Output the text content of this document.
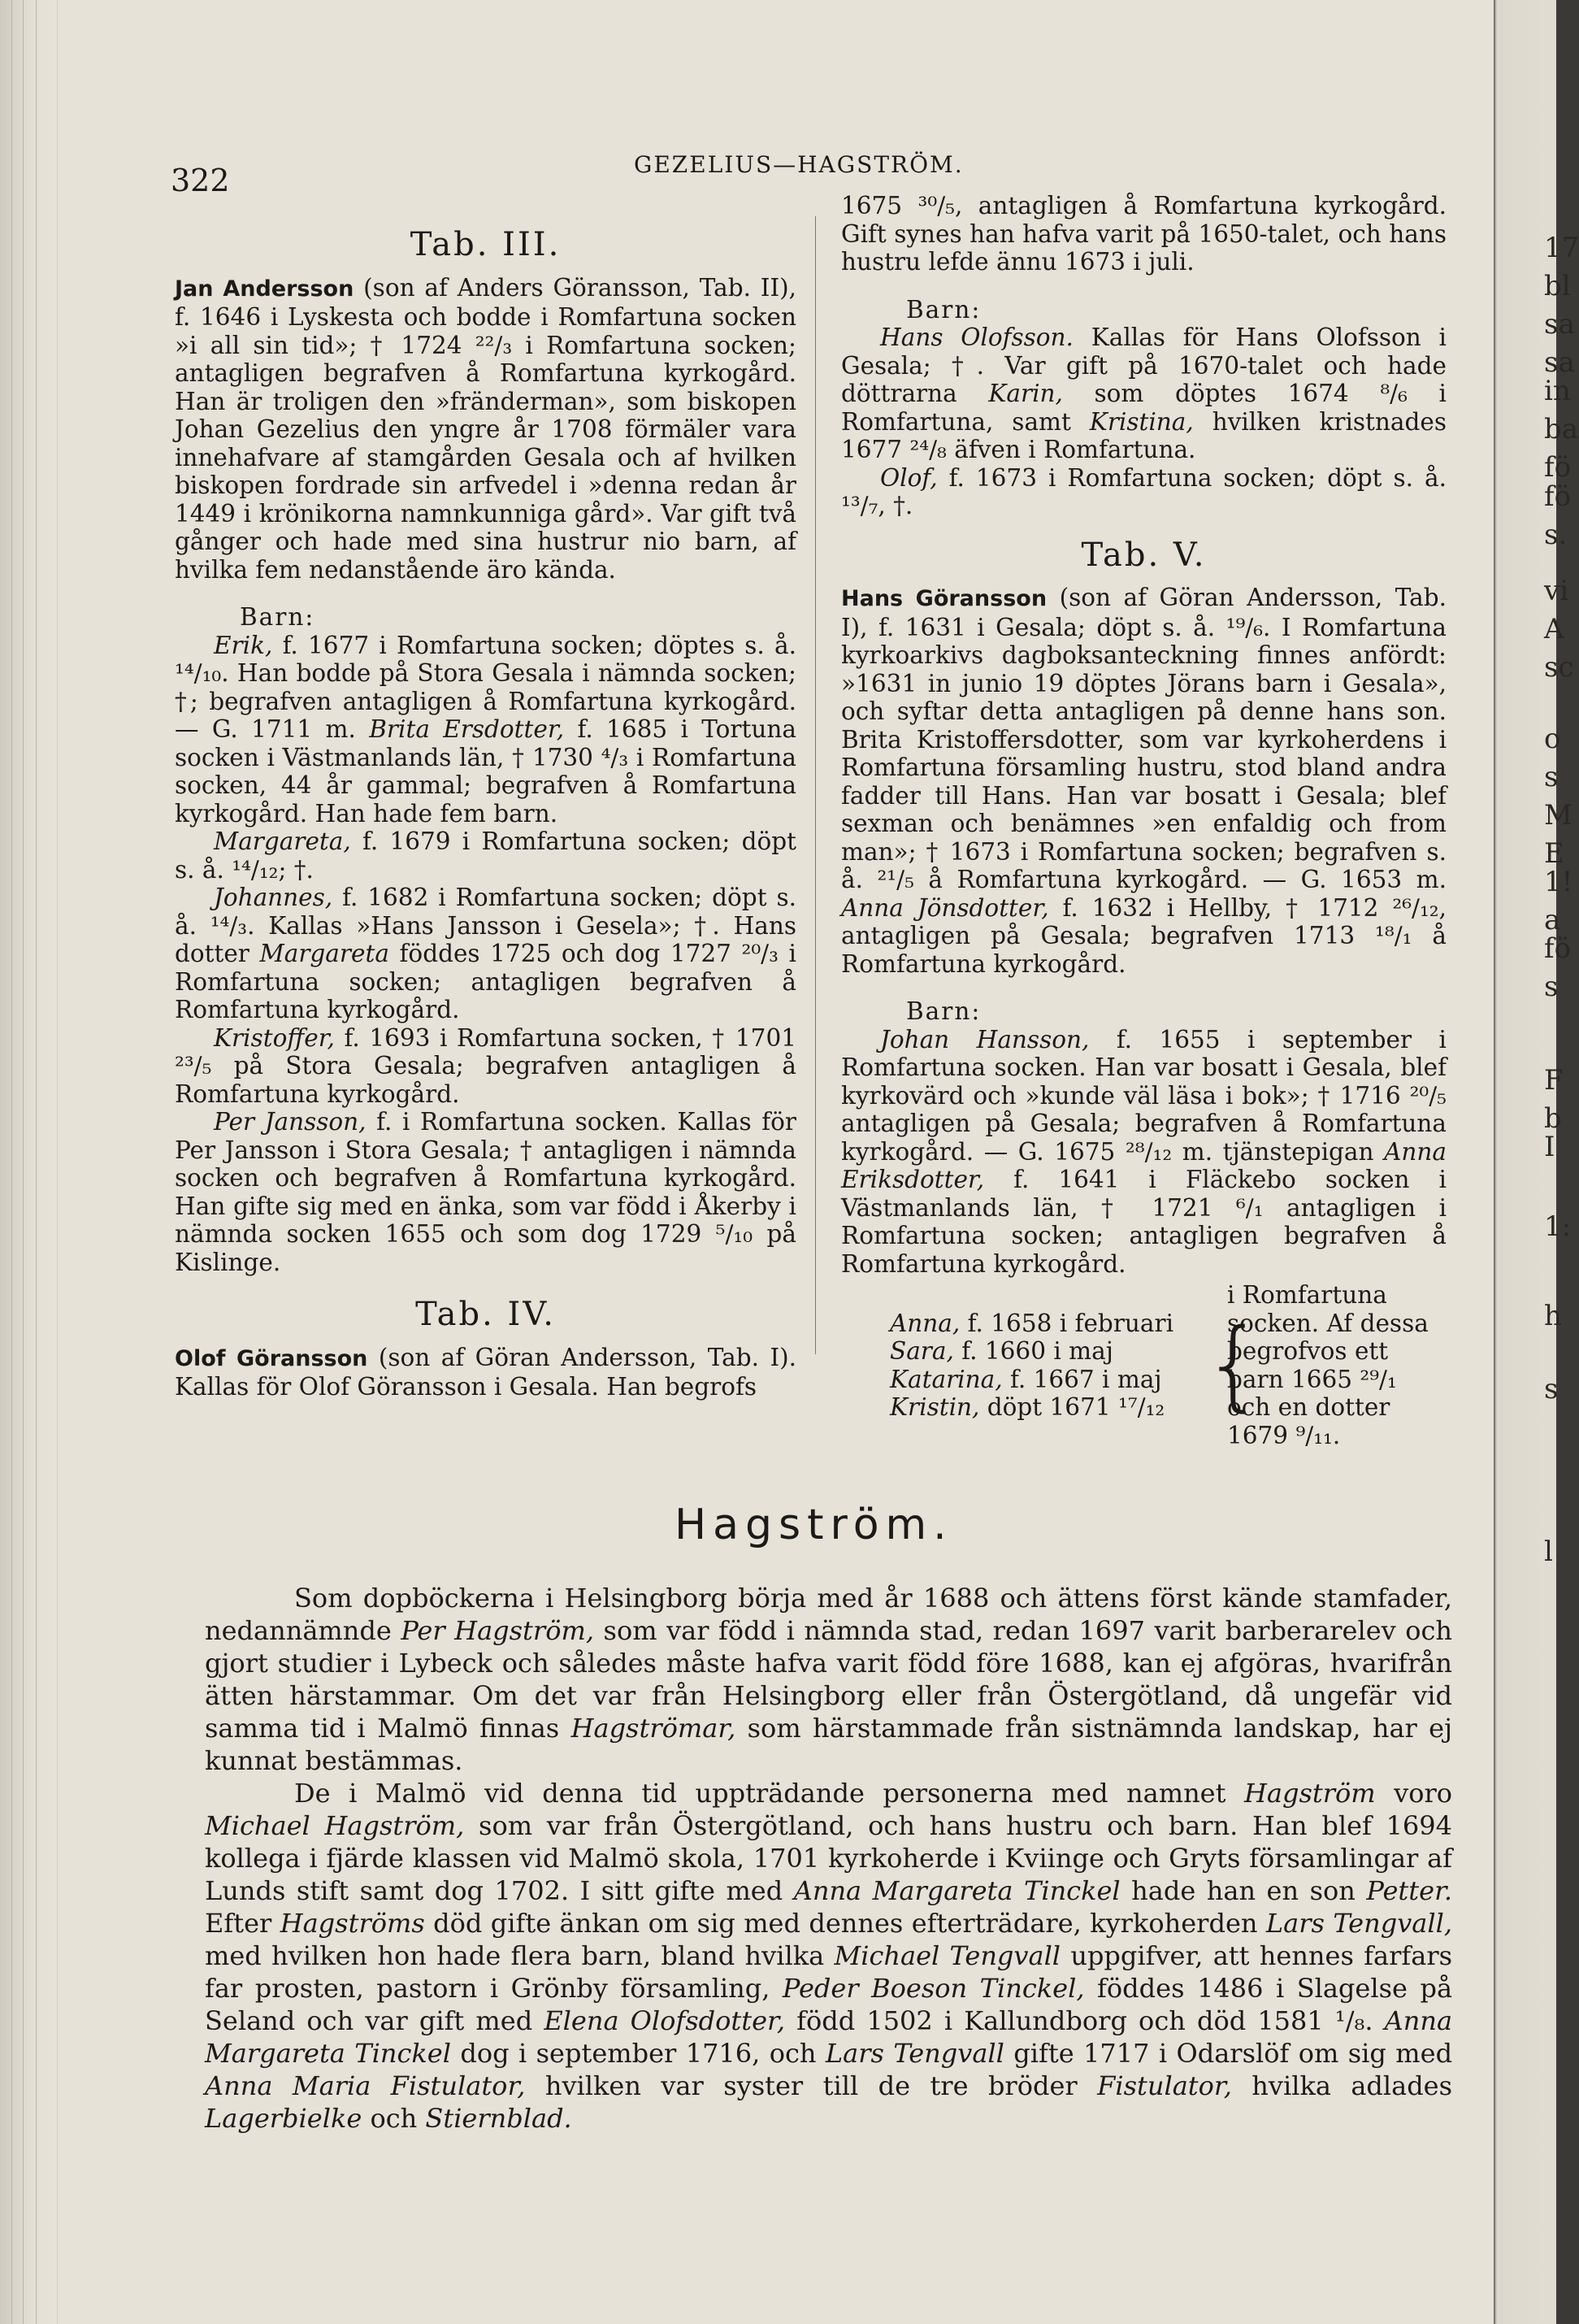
322	GEZELIUS—HAGSTRÖM.
Tab. III.

Jan Andersson (son af Anders Göransson, Tab. II), f. 1646 i Lyskesta och bodde i Romfartuna socken »i all sin tid»; † 1724 ²²/₃ i Romfartuna socken; antagligen begrafven å Romfartuna kyrkogård. Han är troligen den »fränderman», som biskopen Johan Gezelius den yngre år 1708 förmäler vara innehafvare af stamgården Gesala och af hvilken biskopen fordrade sin arfvedel i »denna redan år 1449 i krönikorna namnkunniga gård». Var gift två gånger och hade med sina hustrur nio barn, af hvilka fem nedanstående äro kända.

Barn:

Erik, f. 1677 i Romfartuna socken; döptes s. å. ¹⁴/₁₀. Han bodde på Stora Gesala i nämnda socken; †; begrafven antagligen å Romfartuna kyrkogård. — G. 1711 m. Brita Ersdotter, f. 1685 i Tortuna socken i Västmanlands län, † 1730 ⁴/₃ i Romfartuna socken, 44 år gammal; begrafven å Romfartuna kyrkogård. Han hade fem barn.

Margareta, f. 1679 i Romfartuna socken; döpt s. å. ¹⁴/₁₂; †.

Johannes, f. 1682 i Romfartuna socken; döpt s. å. ¹⁴/₃. Kallas »Hans Jansson i Gesela»; †. Hans dotter Margareta föddes 1725 och dog 1727 ²⁰/₃ i Romfartuna socken; antagligen begrafven å Romfartuna kyrkogård.

Kristoffer, f. 1693 i Romfartuna socken, † 1701 ²³/₅ på Stora Gesala; begrafven antagligen å Romfartuna kyrkogård.

Per Jansson, f. i Romfartuna socken. Kallas för Per Jansson i Stora Gesala; † antagligen i nämnda socken och begrafven å Romfartuna kyrkogård. Han gifte sig med en änka, som var född i Åkerby i nämnda socken 1655 och som dog 1729 ⁵/₁₀ på Kislinge.

Tab. IV.

Olof Göransson (son af Göran Andersson, Tab. I). Kallas för Olof Göransson i Gesala. Han begrofs

1675 ³⁰/₅, antagligen å Romfartuna kyrkogård. Gift synes han hafva varit på 1650-talet, och hans hustru lefde ännu 1673 i juli.

Barn:

Hans Olofsson. Kallas för Hans Olofsson i Gesala; †. Var gift på 1670-talet och hade döttrarna Karin, som döptes 1674 ⁸/₆ i Romfartuna, samt Kristina, hvilken kristnades 1677 ²⁴/₈ äfven i Romfartuna.

Olof, f. 1673 i Romfartuna socken; döpt s. å. ¹³/₇, †.

Tab. V.

Hans Göransson (son af Göran Andersson, Tab. I), f. 1631 i Gesala; döpt s. å. ¹⁹/₆. I Romfartuna kyrkoarkivs dagboksanteckning finnes anfördt: »1631 in junio 19 döptes Jörans barn i Gesala», och syftar detta antagligen på denne hans son. Brita Kristoffersdotter, som var kyrkoherdens i Romfartuna församling hustru, stod bland andra fadder till Hans. Han var bosatt i Gesala; blef sexman och benämnes »en enfaldig och from man»; † 1673 i Romfartuna socken; begrafven s. å. ²¹/₅ å Romfartuna kyrkogård. — G. 1653 m. Anna Jönsdotter, f. 1632 i Hellby, † 1712 ²⁶/₁₂, antagligen på Gesala; begrafven 1713 ¹⁸/₁ å Romfartuna kyrkogård.

Barn:

Johan Hansson, f. 1655 i september i Romfartuna socken. Han var bosatt i Gesala, blef kyrkovärd och »kunde väl läsa i bok»; † 1716 ²⁰/₅ antagligen på Gesala; begrafven å Romfartuna kyrkogård. — G. 1675 ²⁸/₁₂ m. tjänstepigan Anna Eriksdotter, f. 1641 i Fläckebo socken i Västmanlands län, † 1721 ⁶/₁ antagligen i Romfartuna socken; antagligen begrafven å Romfartuna kyrkogård.

Anna, f. 1658 i februari
Sara, f. 1660 i maj
Katarina, f. 1667 i maj
Kristin, döpt 1671 ¹⁷/₁₂ {
i Romfartuna socken. Af dessa begrofvos ett barn 1665 ²⁹/₁ och en dotter 1679 ⁹/₁₁.
Hagström.

Som dopböckerna i Helsingborg börja med år 1688 och ättens först kände stamfader, nedannämnde Per Hagström, som var född i nämnda stad, redan 1697 varit barberarelev och gjort studier i Lybeck och således måste hafva varit född före 1688, kan ej afgöras, hvarifrån ätten härstammar. Om det var från Helsingborg eller från Östergötland, då ungefär vid samma tid i Malmö finnas Hagströmar, som härstammade från sistnämnda landskap, har ej kunnat bestämmas.

De i Malmö vid denna tid uppträdande personerna med namnet Hagström voro Michael Hagström, som var från Östergötland, och hans hustru och barn. Han blef 1694 kollega i fjärde klassen vid Malmö skola, 1701 kyrkoherde i Kviinge och Gryts församlingar af Lunds stift samt dog 1702. I sitt gifte med Anna Margareta Tinckel hade han en son Petter. Efter Hagströms död gifte änkan om sig med dennes efterträdare, kyrkoherden Lars Tengvall, med hvilken hon hade flera barn, bland hvilka Michael Tengvall uppgifver, att hennes farfars far prosten, pastorn i Grönby församling, Peder Boeson Tinckel, föddes 1486 i Slagelse på Seland och var gift med Elena Olofsdotter, född 1502 i Kallundborg och död 1581 ¹/₈. Anna Margareta Tinckel dog i september 1716, och Lars Tengvall gifte 1717 i Odarslöf om sig med Anna Maria Fistulator, hvilken var syster till de tre bröder Fistulator, hvilka adlades Lagerbielke och Stiernblad.

17
bl
sa
sa
in
ba
fö
fö
s.
vi
A
sc
o
s
M
E
1!
a
fö
s
F
b
I
1:
h
s
l
